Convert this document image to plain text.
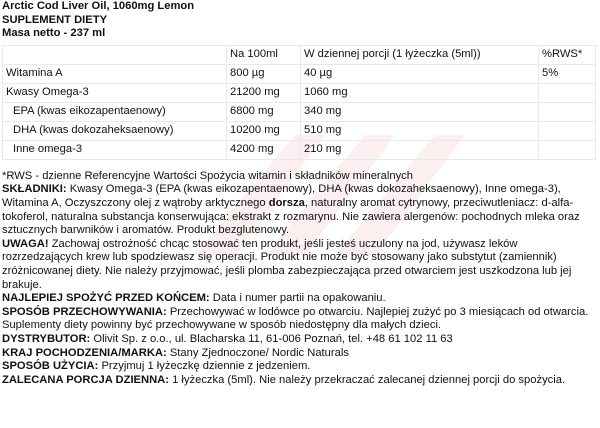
Arctic Cod Liver Oil, 1060mg Lemon
SUPLEMENT DIETY
Masa netto - 237 ml
	Na 100ml	W dziennej porcji (1 łyżeczka (5ml))	%RWS*
Witamina A	800 µg	40 µg	5%
Kwasy Omega-3	21200 mg	1060 mg	
EPA (kwas eikozapentaenowy)	6800 mg	340 mg	
DHA (kwas dokozaheksaenowy)	10200 mg	510 mg	
Inne omega-3	4200 mg	210 mg	
*RWS - dzienne Referencyjne Wartości Spożycia witamin i składników mineralnych
SKŁADNIKI: Kwasy Omega-3 (EPA (kwas eikozapentaenowy), DHA (kwas dokozaheksaenowy), Inne omega-3), Witamina A, Oczyszczony olej z wątroby arktycznego dorsza, naturalny aromat cytrynowy, przeciwutleniacz: d-alfa-tokoferol, naturalna substancja konserwująca: ekstrakt z rozmarynu. Nie zawiera alergenów: pochodnych mleka oraz sztucznych barwników i aromatów. Produkt bezglutenowy.
UWAGA! Zachowaj ostrożność chcąc stosować ten produkt, jeśli jesteś uczulony na jod, używasz leków rozrzedzających krew lub spodziewasz się operacji. Produkt nie może być stosowany jako substytut (zamiennik) zróżnicowanej diety. Nie należy przyjmować, jeśli plomba zabezpieczająca przed otwarciem jest uszkodzona lub jej brakuje.
NAJLEPIEJ SPOŻYĆ PRZED KOŃCEM: Data i numer partii na opakowaniu.
SPOSÓB PRZECHOWYWANIA: Przechowywać w lodówce po otwarciu. Najlepiej zużyć po 3 miesiącach od otwarcia. Suplementy diety powinny być przechowywane w sposób niedostępny dla małych dzieci.
DYSTRYBUTOR: Olivit Sp. z o.o., ul. Blacharska 11, 61-006 Poznań, tel. +48 61 102 11 63
KRAJ POCHODZENIA/MARKA: Stany Zjednoczone/ Nordic Naturals
SPOSÓB UŻYCIA: Przyjmuj 1 łyżeczkę dziennie z jedzeniem.
ZALECANA PORCJA DZIENNA: 1 łyżeczka (5ml). Nie należy przekraczać zalecanej dziennej porcji do spożycia.
